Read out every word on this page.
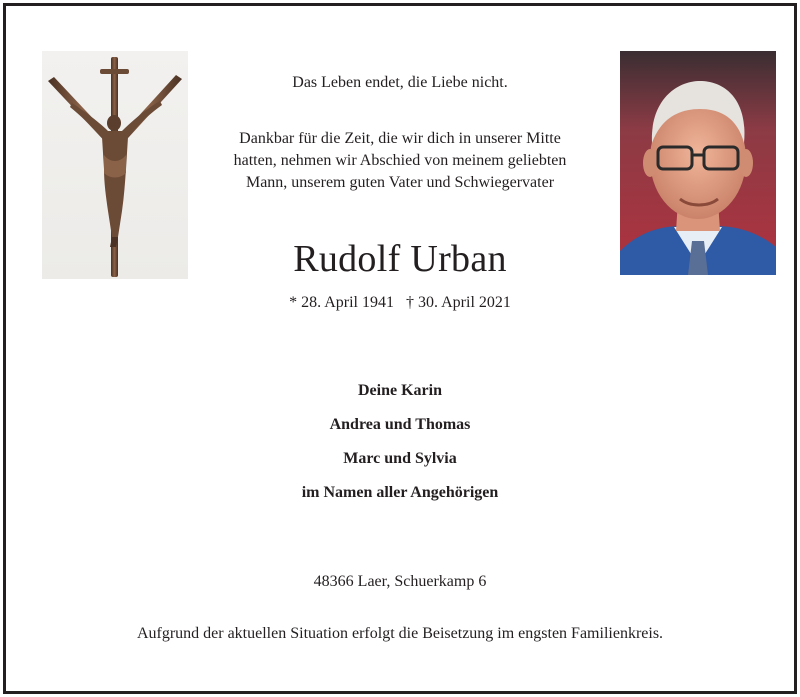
Das Leben endet, die Liebe nicht.
Dankbar für die Zeit, die wir dich in unserer Mitte
hatten, nehmen wir Abschied von meinem geliebten
Mann, unserem guten Vater und Schwiegervater
Rudolf Urban
* 28. April 1941   † 30. April 2021
Deine Karin
Andrea und Thomas
Marc und Sylvia
im Namen aller Angehörigen
48366 Laer, Schuerkamp 6
Aufgrund der aktuellen Situation erfolgt die Beisetzung im engsten Familienkreis.
